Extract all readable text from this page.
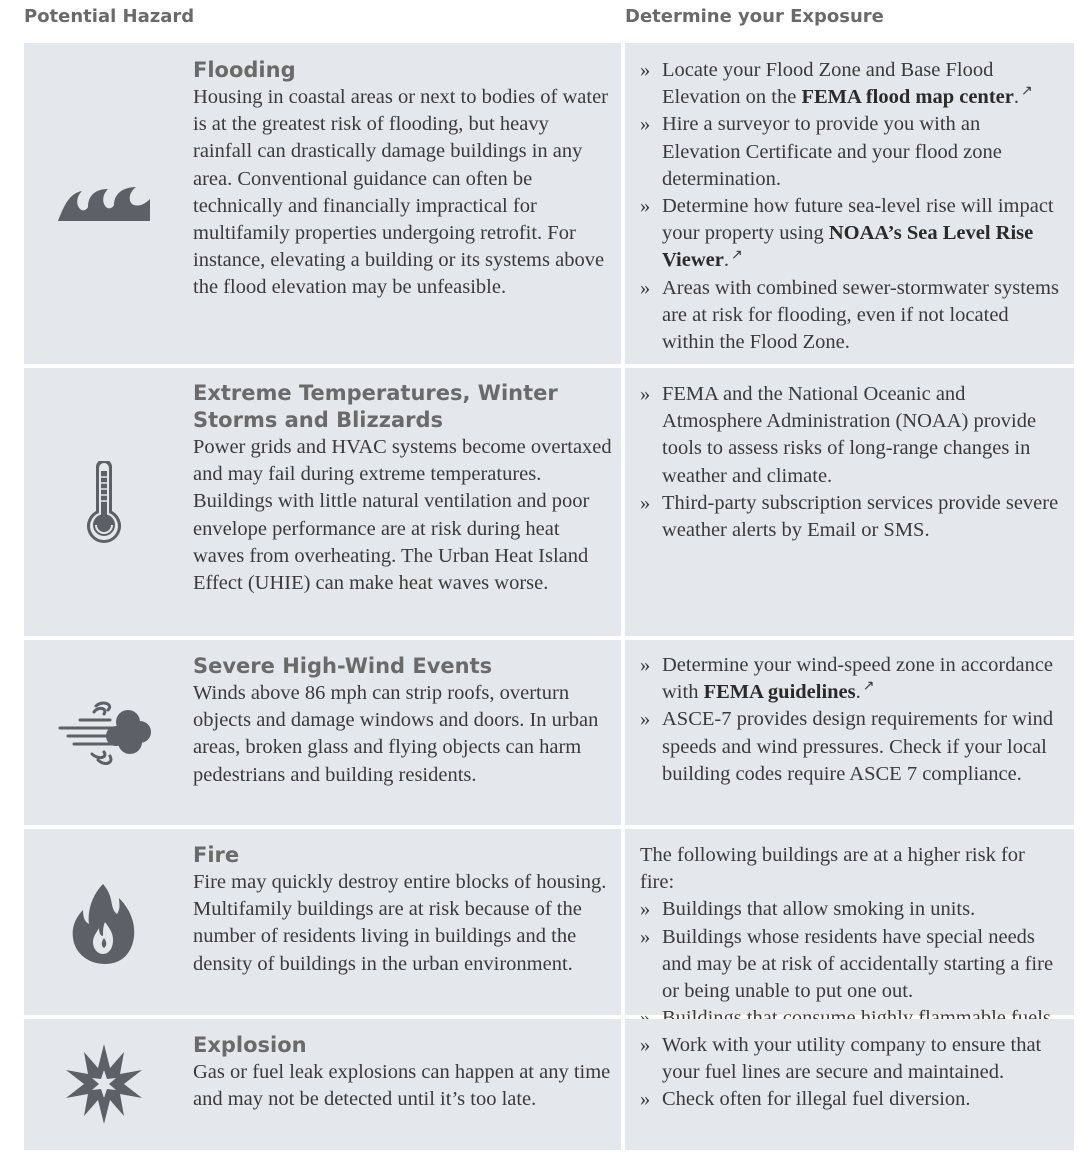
Potential Hazard	Determine your Exposure
Flooding
Housing in coastal areas or next to bodies of water is at the greatest risk of flooding, but heavy rainfall can drastically damage buildings in any area. Conventional guidance can often be technically and financially impractical for multifamily properties undergoing retrofit. For instance, elevating a building or its systems above the flood elevation may be unfeasible.
» Locate your Flood Zone and Base Flood Elevation on the FEMA flood map center. ↗
» Hire a surveyor to provide you with an Elevation Certificate and your flood zone determination.
» Determine how future sea-level rise will impact your property using NOAA’s Sea Level Rise Viewer. ↗
» Areas with combined sewer-stormwater systems are at risk for flooding, even if not located within the Flood Zone.
Extreme Temperatures, Winter Storms and Blizzards
Power grids and HVAC systems become overtaxed and may fail during extreme temperatures. Buildings with little natural ventilation and poor envelope performance are at risk during heat waves from overheating. The Urban Heat Island Effect (UHIE) can make heat waves worse.
» FEMA and the National Oceanic and Atmosphere Administration (NOAA) provide tools to assess risks of long-range changes in weather and climate.
» Third-party subscription services provide severe weather alerts by Email or SMS.
Severe High-Wind Events
Winds above 86 mph can strip roofs, overturn objects and damage windows and doors. In urban areas, broken glass and flying objects can harm pedestrians and building residents.
» Determine your wind-speed zone in accordance with FEMA guidelines. ↗
» ASCE-7 provides design requirements for wind speeds and wind pressures. Check if your local building codes require ASCE 7 compliance.
Fire
Fire may quickly destroy entire blocks of housing. Multifamily buildings are at risk because of the number of residents living in buildings and the density of buildings in the urban environment.

The following buildings are at a higher risk for fire:

» Buildings that allow smoking in units.
» Buildings whose residents have special needs and may be at risk of accidentally starting a fire or being unable to put one out.
»
Explosion
Gas or fuel leak explosions can happen at any time and may not be detected until it’s too late.
» Work with your utility company to ensure that your fuel lines are secure and maintained.
» Check often for illegal fuel diversion.
